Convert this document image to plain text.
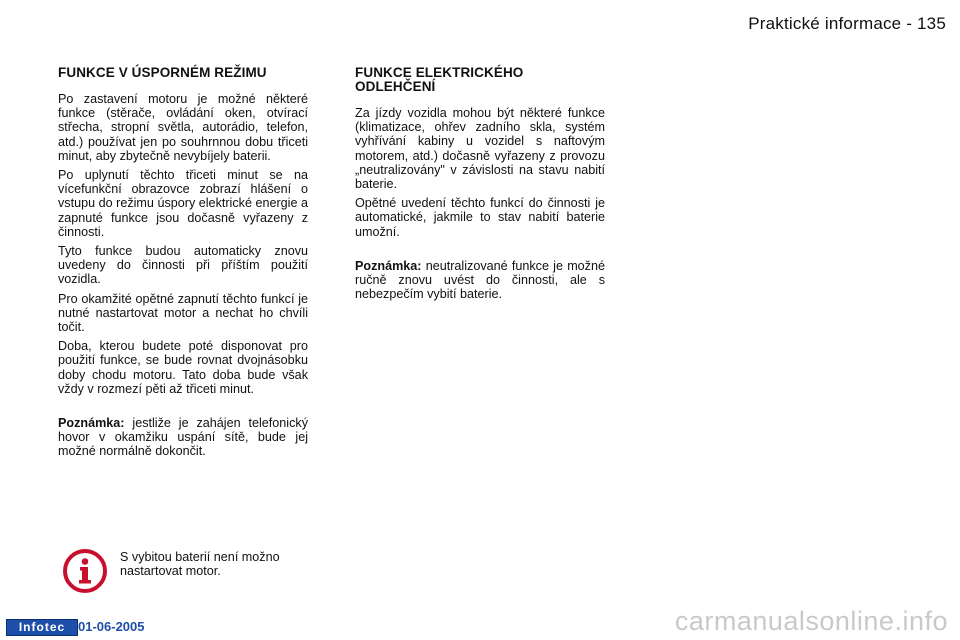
Praktické informace - 135
FUNKCE V ÚSPORNÉM REŽIMU

Po zastavení motoru je možné některé funkce (stěrače, ovládání oken, otvírací střecha, stropní světla, autorádio, telefon, atd.) používat jen po souhrnnou dobu třiceti minut, aby zbytečně nevybíjely baterii.

Po uplynutí těchto třiceti minut se na vícefunkční obrazovce zobrazí hlášení o vstupu do režimu úspory elektrické energie a zapnuté funkce jsou dočasně vyřazeny z činnosti.

Tyto funkce budou automaticky znovu uvedeny do činnosti při příštím použití vozidla.

Pro okamžité opětné zapnutí těchto funkcí je nutné nastartovat motor a nechat ho chvíli točit.

Doba, kterou budete poté disponovat pro použití funkce, se bude rovnat dvojnásobku doby chodu motoru. Tato doba bude však vždy v rozmezí pěti až třiceti minut.

Poznámka: jestliže je zahájen telefonický hovor v okamžiku uspání sítě, bude jej možné normálně dokončit.

FUNKCE ELEKTRICKÉHO ODLEHČENÍ

Za jízdy vozidla mohou být některé funkce (klimatizace, ohřev zadního skla, systém vyhřívání kabiny u vozidel s naftovým motorem, atd.) dočasně vyřazeny z provozu „neutralizovány" v závislosti na stavu nabití baterie.

Opětné uvedení těchto funkcí do činnosti je automatické, jakmile to stav nabití baterie umožní.

Poznámka: neutralizované funkce je možné ručně znovu uvést do činnosti, ale s nebezpečím vybití baterie.

S vybitou baterií není možno nastartovat motor.
Infotec 01-06-2005	carmanualsonline.info
